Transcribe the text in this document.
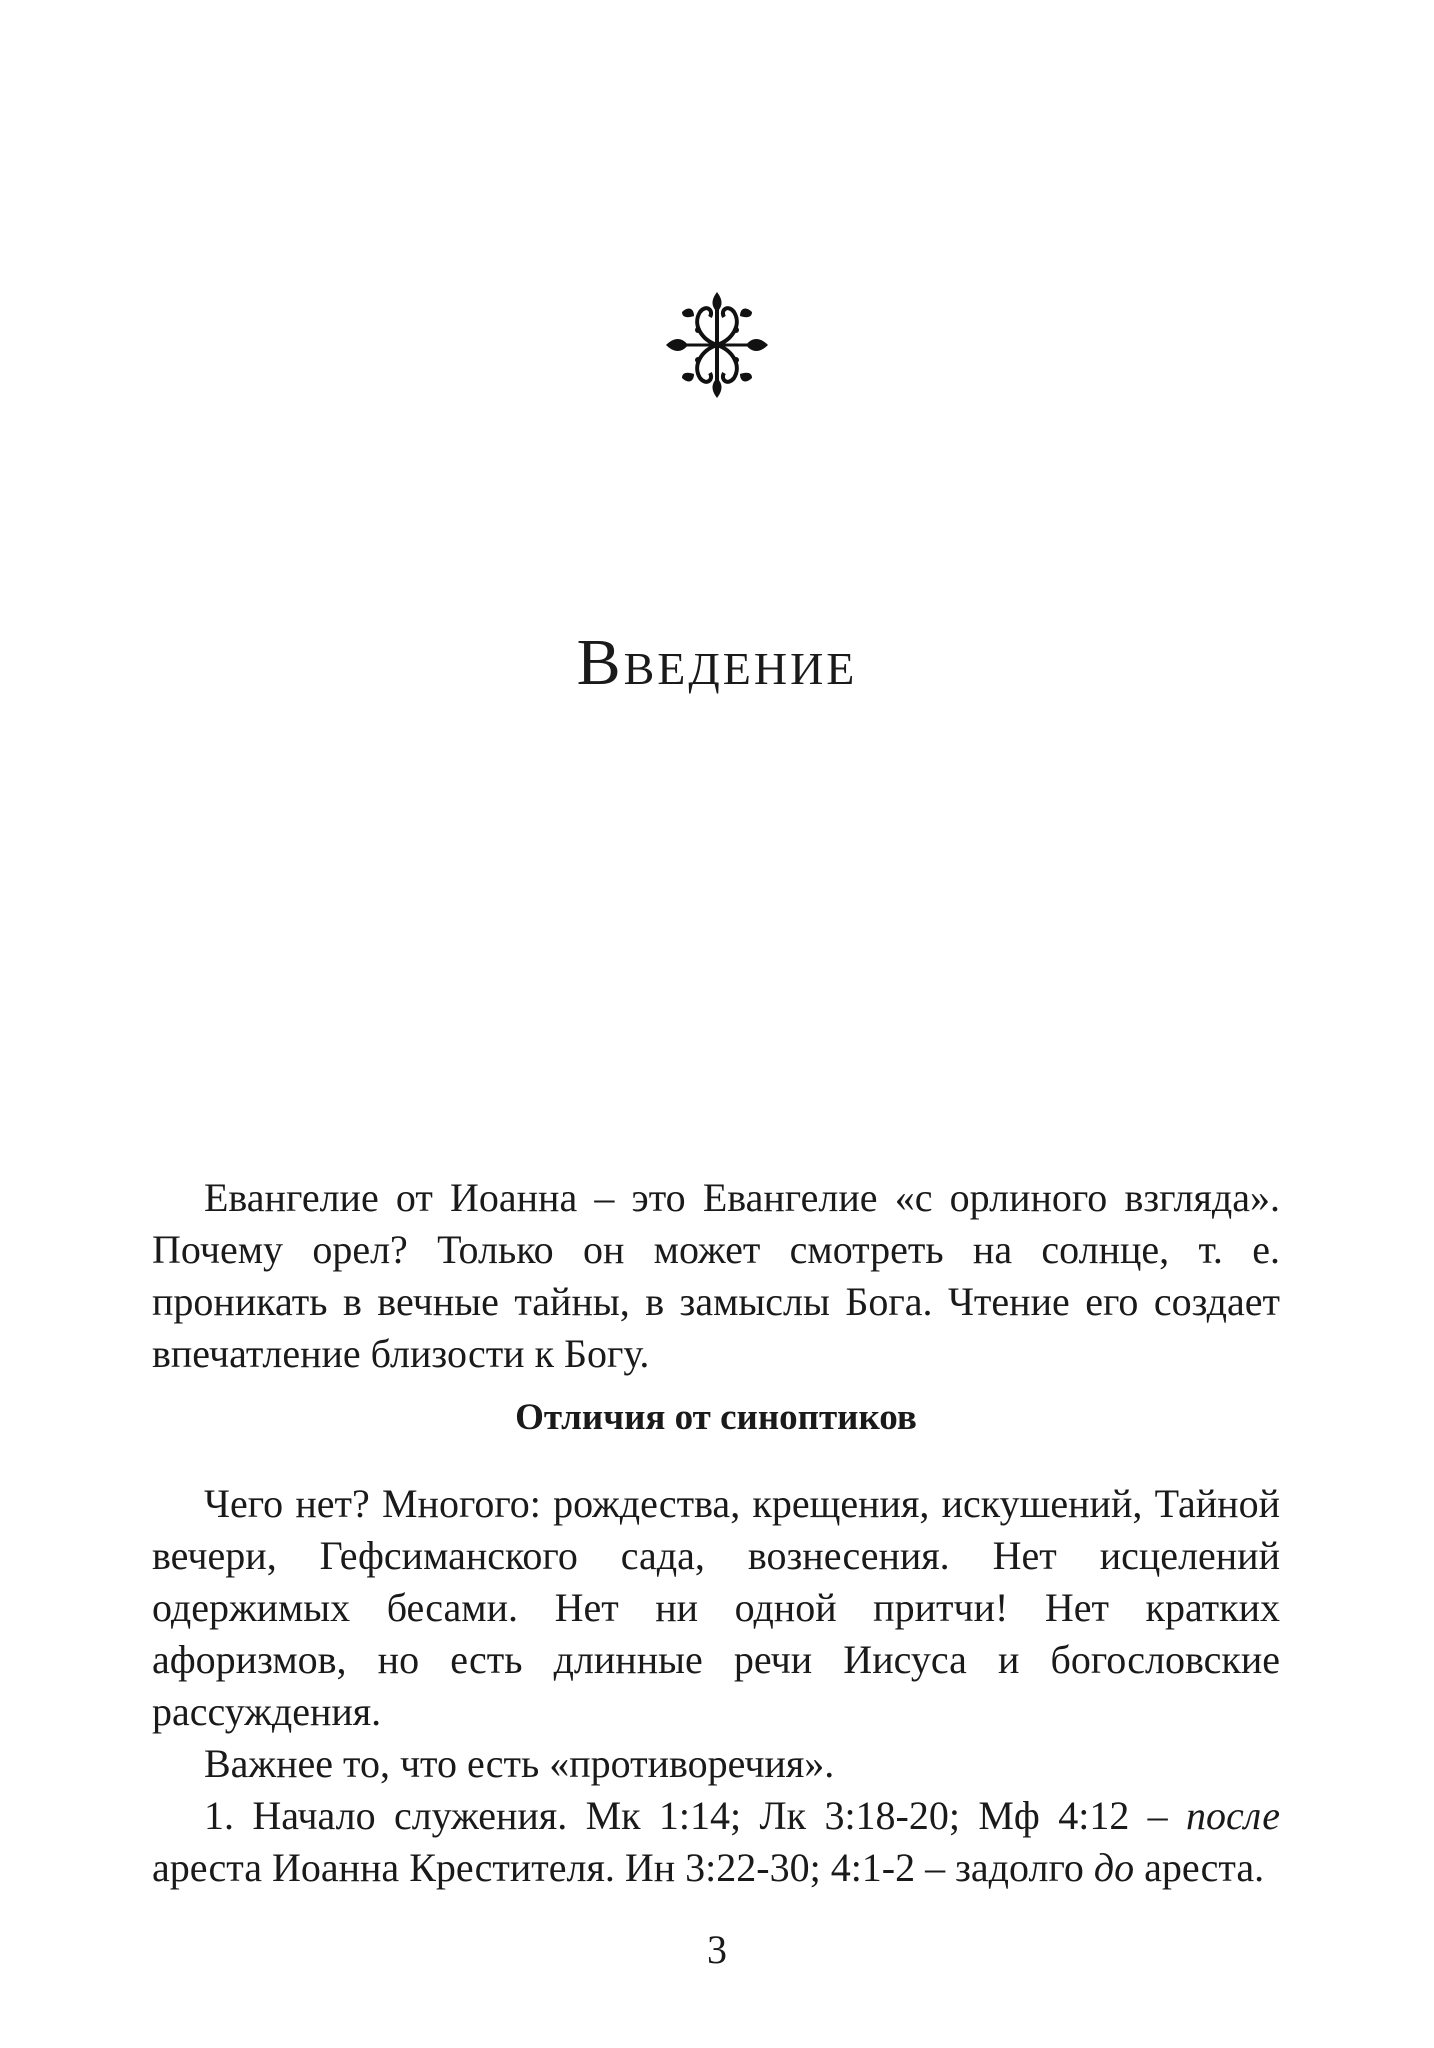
Введение

Евангелие от Иоанна – это Евангелие «с орлиного взгляда». Почему орел? Только он может смотреть на солнце, т. е. проникать в вечные тайны, в замыслы Бога. Чтение его создает впечатление близости к Богу.

Отличия от синоптиков

Чего нет? Многого: рождества, крещения, искушений, Тайной вечери, Гефсиманского сада, вознесения. Нет исцелений одержимых бесами. Нет ни одной притчи! Нет кратких афоризмов, но есть длинные речи Иисуса и богословские рассуждения.

Важнее то, что есть «противоречия».

1. Начало служения. Мк 1:14; Лк 3:18-20; Мф 4:12 – после ареста Иоанна Крестителя. Ин 3:22-30; 4:1-2 – задолго до ареста.

3
